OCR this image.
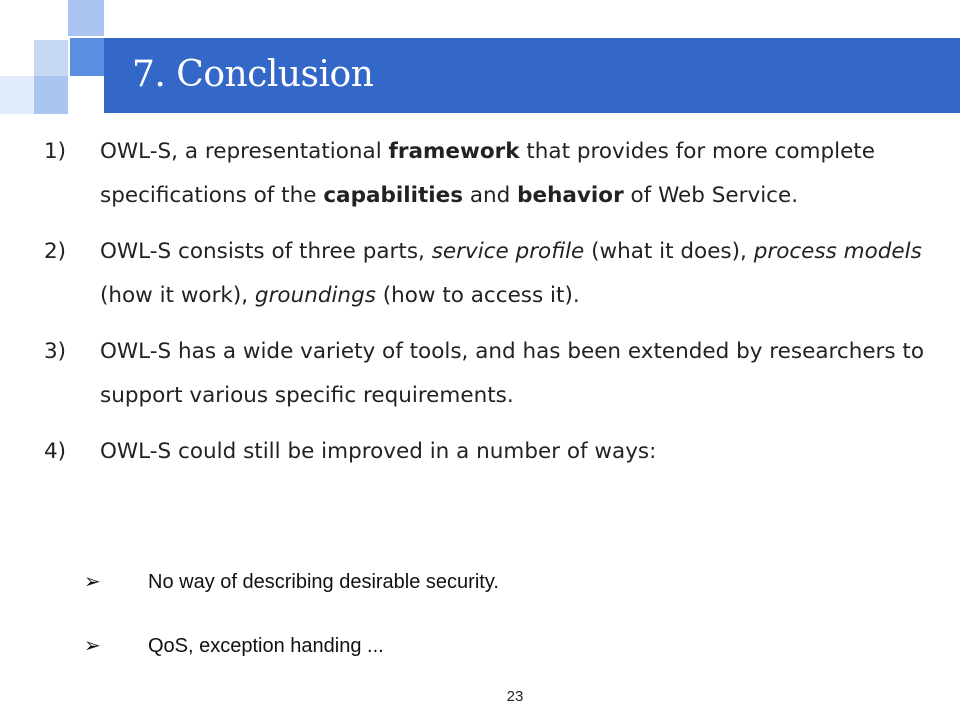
7. Conclusion
1) OWL-S, a representational framework that provides for more complete specifications of the capabilities and behavior of Web Service.
2) OWL-S consists of three parts, service profile (what it does), process models (how it work), groundings (how to access it).
3) OWL-S has a wide variety of tools, and has been extended by researchers to support various specific requirements.
4) OWL-S could still be improved in a number of ways:
➢ No way of describing desirable security.
➢ QoS, exception handing ...
23
